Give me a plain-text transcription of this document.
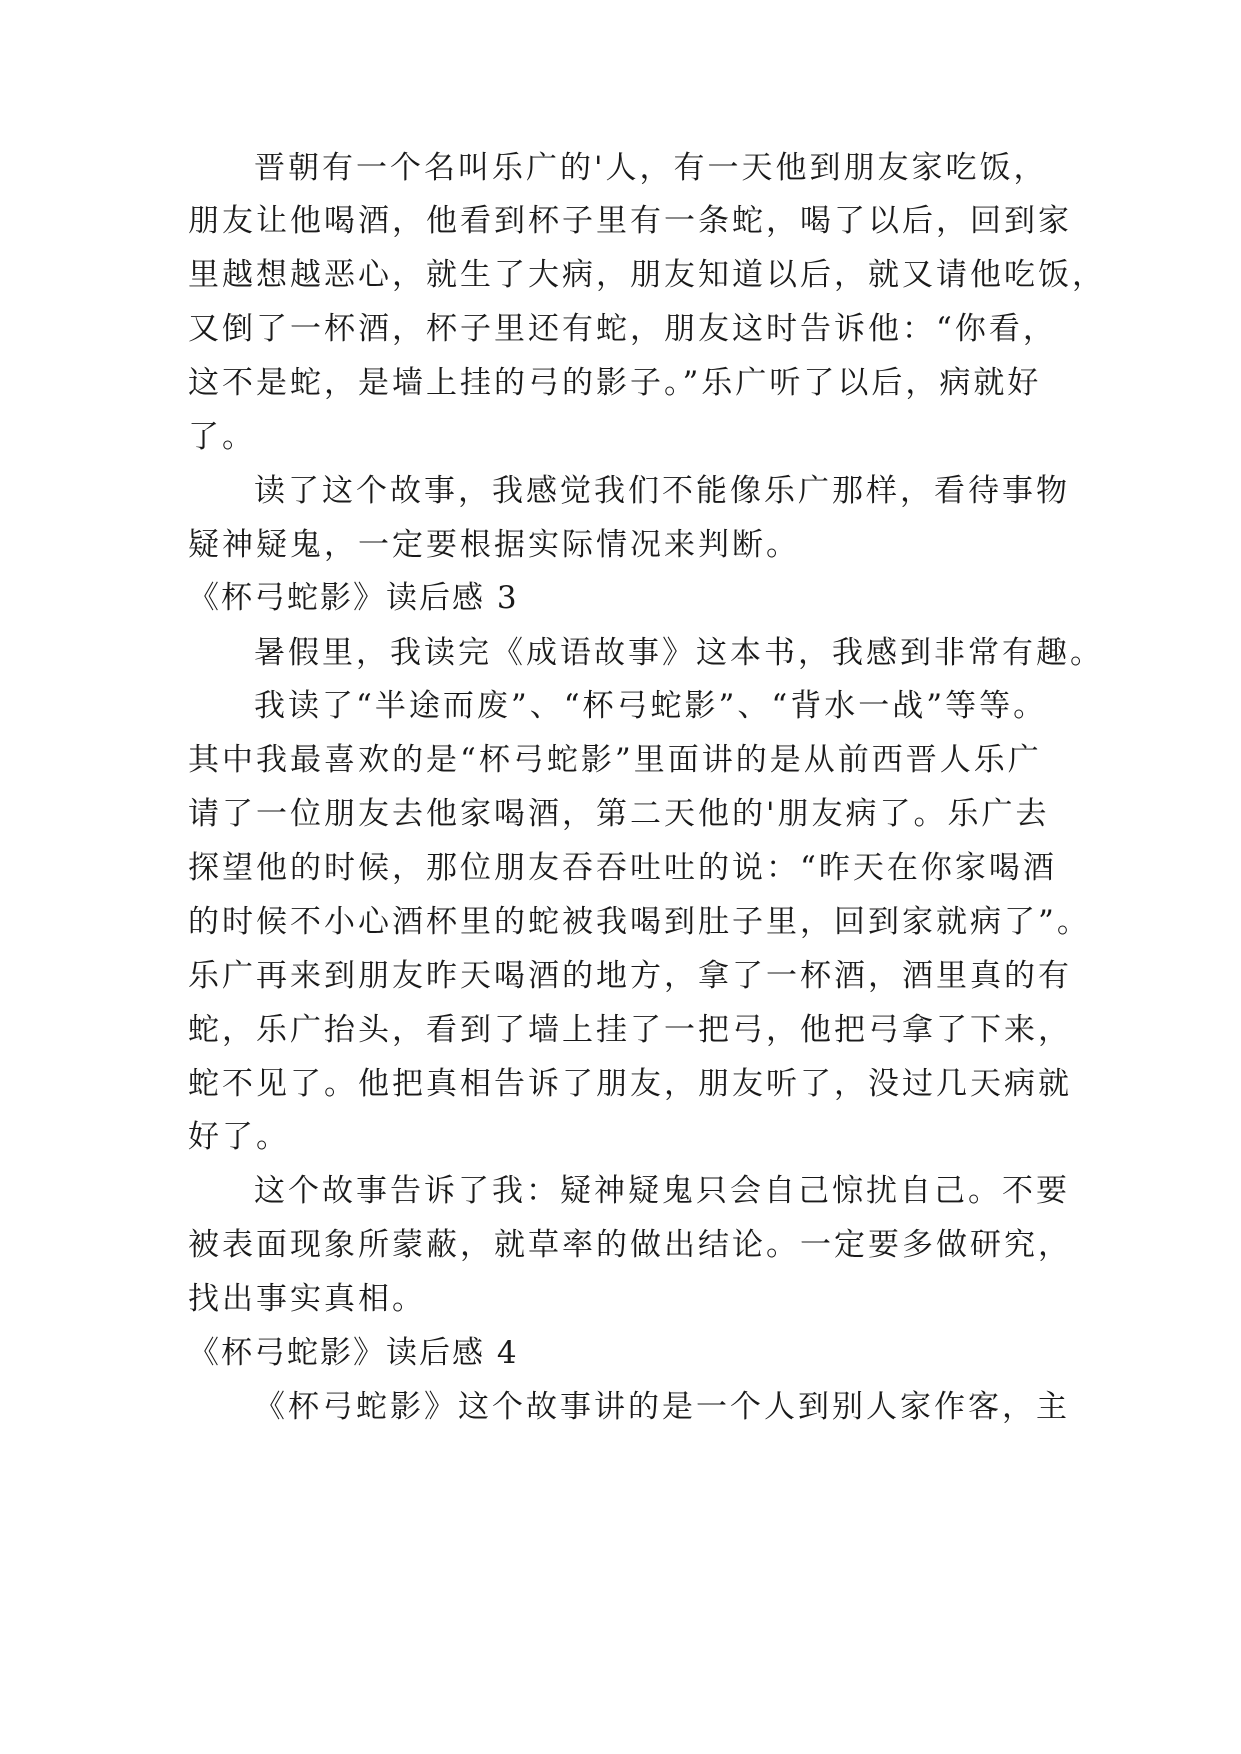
晋朝有一个名叫乐广的'人，有一天他到朋友家吃饭，
朋友让他喝酒，他看到杯子里有一条蛇，喝了以后，回到家
里越想越恶心，就生了大病，朋友知道以后，就又请他吃饭，
又倒了一杯酒，杯子里还有蛇，朋友这时告诉他：“你看，
这不是蛇，是墙上挂的弓的影子。”乐广听了以后，病就好
了。
读了这个故事，我感觉我们不能像乐广那样，看待事物
疑神疑鬼，一定要根据实际情况来判断。
《杯弓蛇影》读后感 3
暑假里，我读完《成语故事》这本书，我感到非常有趣。
我读了“半途而废”、“杯弓蛇影”、“背水一战”等等。
其中我最喜欢的是“杯弓蛇影”里面讲的是从前西晋人乐广
请了一位朋友去他家喝酒，第二天他的'朋友病了。乐广去
探望他的时候，那位朋友吞吞吐吐的说：“昨天在你家喝酒
的时候不小心酒杯里的蛇被我喝到肚子里，回到家就病了”。
乐广再来到朋友昨天喝酒的地方，拿了一杯酒，酒里真的有
蛇，乐广抬头，看到了墙上挂了一把弓，他把弓拿了下来，
蛇不见了。他把真相告诉了朋友，朋友听了，没过几天病就
好了。
这个故事告诉了我：疑神疑鬼只会自己惊扰自己。不要
被表面现象所蒙蔽，就草率的做出结论。一定要多做研究，
找出事实真相。
《杯弓蛇影》读后感 4
《杯弓蛇影》这个故事讲的是一个人到别人家作客，主
